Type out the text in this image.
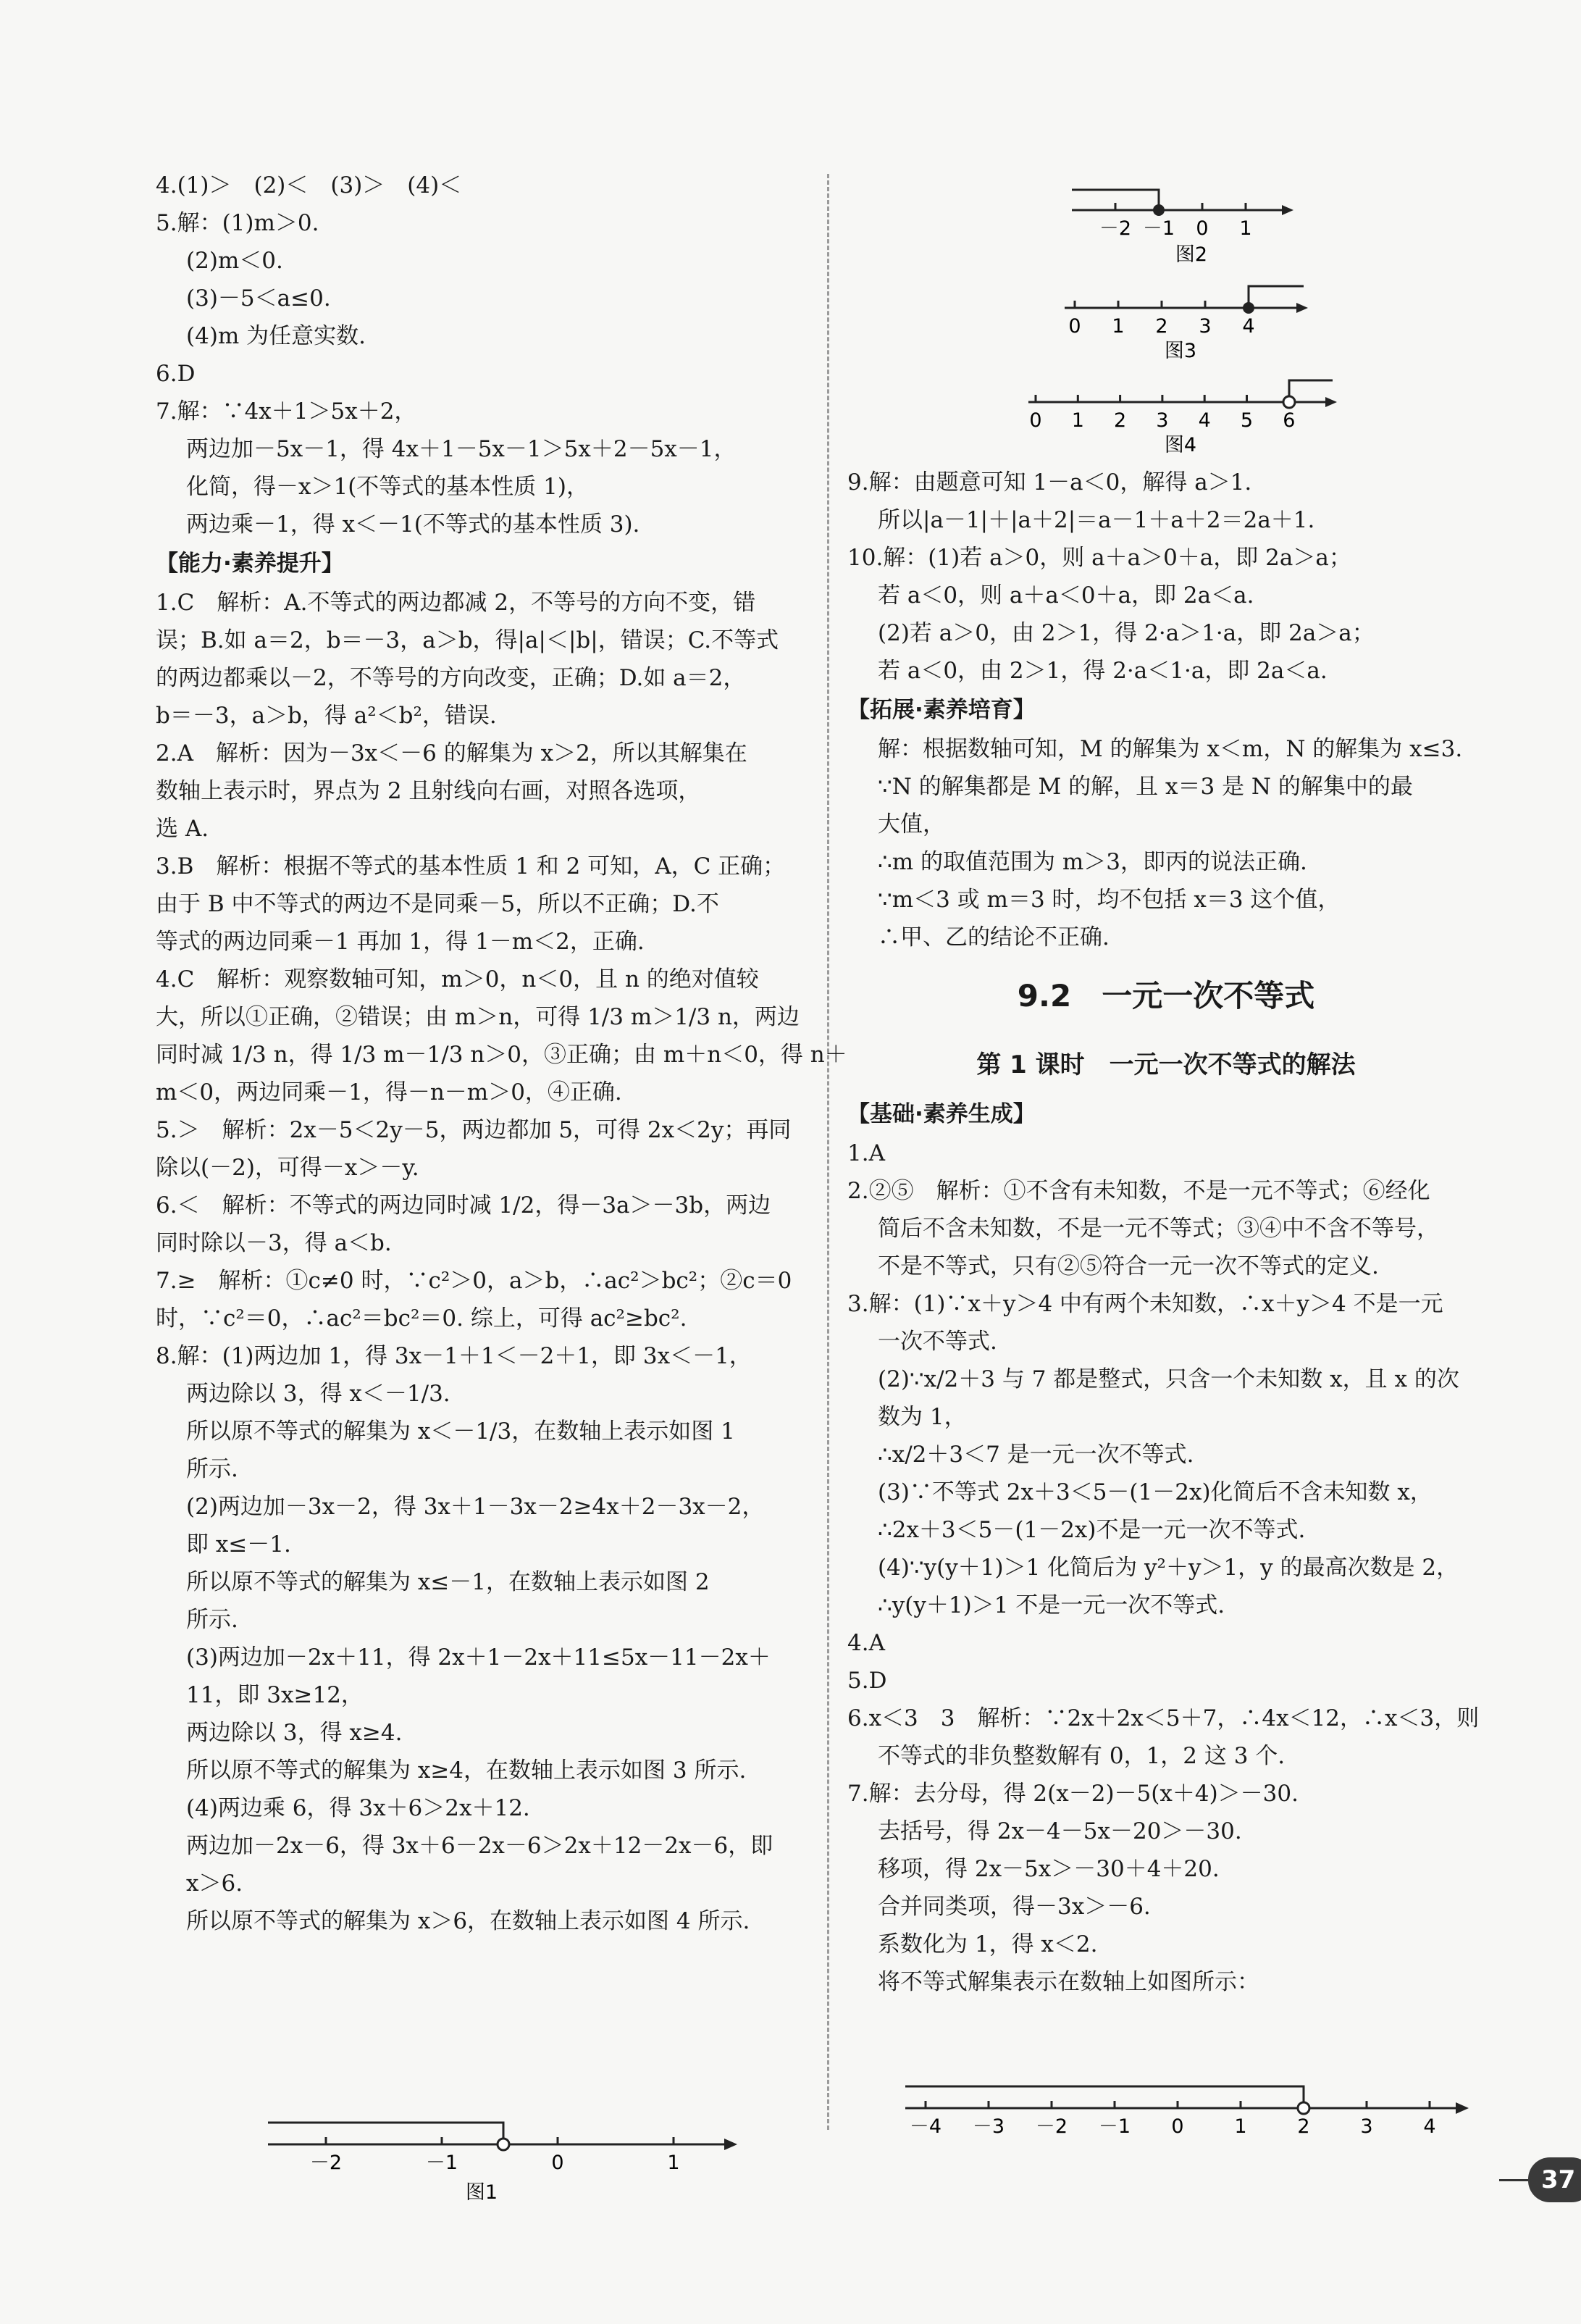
4.(1)＞　(2)＜　(3)＞　(4)＜
5.解：(1)m＞0.
(2)m＜0.
(3)－5＜a≤0.
(4)m 为任意实数.
6.D
7.解：∵4x＋1＞5x＋2，
两边加－5x－1，得 4x＋1－5x－1＞5x＋2－5x－1，
化简，得－x＞1(不等式的基本性质 1)，
两边乘－1，得 x＜－1(不等式的基本性质 3).
【能力·素养提升】
1.C　解析：A.不等式的两边都减 2，不等号的方向不变，错
误；B.如 a＝2，b＝－3，a＞b，得|a|＜|b|，错误；C.不等式
的两边都乘以－2，不等号的方向改变，正确；D.如 a＝2，
b＝－3，a＞b，得 a²＜b²，错误.
2.A　解析：因为－3x＜－6 的解集为 x＞2，所以其解集在
数轴上表示时，界点为 2 且射线向右画，对照各选项，
选 A.
3.B　解析：根据不等式的基本性质 1 和 2 可知，A，C 正确；
由于 B 中不等式的两边不是同乘－5，所以不正确；D.不
等式的两边同乘－1 再加 1，得 1－m＜2，正确.
4.C　解析：观察数轴可知，m＞0，n＜0，且 n 的绝对值较
大，所以①正确，②错误；由 m＞n，可得 1/3 m＞1/3 n，两边
同时减 1/3 n，得 1/3 m－1/3 n＞0，③正确；由 m＋n＜0，得 n＋
m＜0，两边同乘－1，得－n－m＞0，④正确.
5.＞　解析：2x－5＜2y－5，两边都加 5，可得 2x＜2y；再同
除以(－2)，可得－x＞－y.
6.＜　解析：不等式的两边同时减 1/2，得－3a＞－3b，两边
同时除以－3，得 a＜b.
7.≥　解析：①c≠0 时，∵c²＞0，a＞b，∴ac²＞bc²；②c＝0
时，∵c²＝0，∴ac²＝bc²＝0. 综上，可得 ac²≥bc².
8.解：(1)两边加 1，得 3x－1＋1＜－2＋1，即 3x＜－1，
两边除以 3，得 x＜－1/3.
所以原不等式的解集为 x＜－1/3，在数轴上表示如图 1
所示.
(2)两边加－3x－2，得 3x＋1－3x－2≥4x＋2－3x－2，
即 x≤－1.
所以原不等式的解集为 x≤－1，在数轴上表示如图 2
所示.
(3)两边加－2x＋11，得 2x＋1－2x＋11≤5x－11－2x＋
11，即 3x≥12，
两边除以 3，得 x≥4.
所以原不等式的解集为 x≥4，在数轴上表示如图 3 所示.
(4)两边乘 6，得 3x＋6＞2x＋12.
两边加－2x－6，得 3x＋6－2x－6＞2x＋12－2x－6，即
x＞6.
所以原不等式的解集为 x＞6，在数轴上表示如图 4 所示.
9.解：由题意可知 1－a＜0，解得 a＞1.
所以|a－1|＋|a＋2|＝a－1＋a＋2＝2a＋1.
10.解：(1)若 a＞0，则 a＋a＞0＋a，即 2a＞a；
若 a＜0，则 a＋a＜0＋a，即 2a＜a.
(2)若 a＞0，由 2＞1，得 2·a＞1·a，即 2a＞a；
若 a＜0，由 2＞1，得 2·a＜1·a，即 2a＜a.
【拓展·素养培育】
解：根据数轴可知，M 的解集为 x＜m，N 的解集为 x≤3.
∵N 的解集都是 M 的解，且 x＝3 是 N 的解集中的最
大值，
∴m 的取值范围为 m＞3，即丙的说法正确.
∵m＜3 或 m＝3 时，均不包括 x＝3 这个值，
∴甲、乙的结论不正确.
9.2　一元一次不等式
第 1 课时　一元一次不等式的解法
【基础·素养生成】
1.A
2.②⑤　解析：①不含有未知数，不是一元不等式；⑥经化
简后不含未知数，不是一元不等式；③④中不含不等号，
不是不等式，只有②⑤符合一元一次不等式的定义.
3.解：(1)∵x＋y＞4 中有两个未知数，∴x＋y＞4 不是一元
一次不等式.
(2)∵x/2＋3 与 7 都是整式，只含一个未知数 x，且 x 的次
数为 1，
∴x/2＋3＜7 是一元一次不等式.
(3)∵不等式 2x＋3＜5－(1－2x)化简后不含未知数 x，
∴2x＋3＜5－(1－2x)不是一元一次不等式.
(4)∵y(y＋1)＞1 化简后为 y²＋y＞1，y 的最高次数是 2，
∴y(y＋1)＞1 不是一元一次不等式.
4.A
5.D
6.x＜3　3　解析：∵2x＋2x＜5＋7，∴4x＜12，∴x＜3，则
不等式的非负整数解有 0，1，2 这 3 个.
7.解：去分母，得 2(x－2)－5(x＋4)＞－30.
去括号，得 2x－4－5x－20＞－30.
移项，得 2x－5x＞－30＋4＋20.
合并同类项，得－3x＞－6.
系数化为 1，得 x＜2.
将不等式解集表示在数轴上如图所示：
－2	－1	0	1
图1
－2 －1 0 1
图2
0 1 2 3 4
图3
0 1 2 3 4 5 6
图4
－4 －3 －2 －1 0	1	2	3	4
37
